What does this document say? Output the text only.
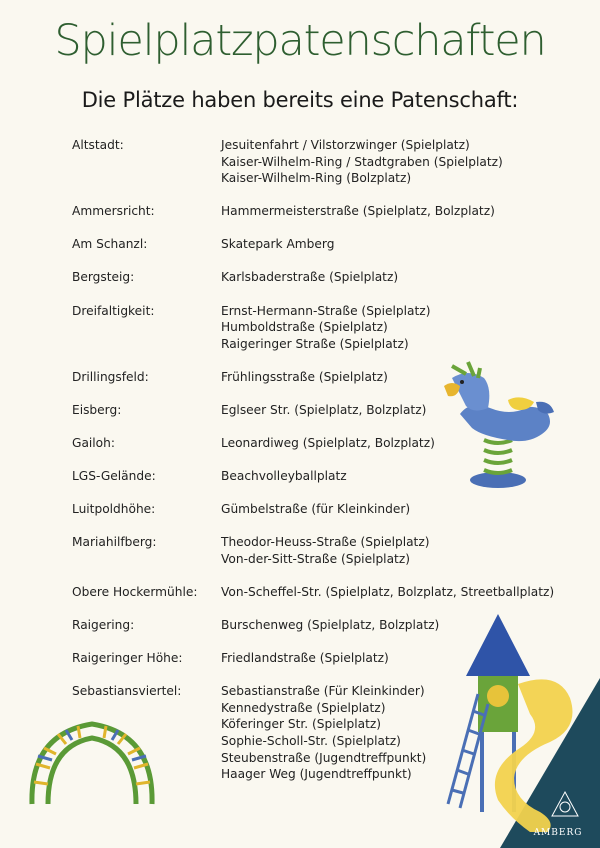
Spielplatzpatenschaften
Die Plätze haben bereits eine Patenschaft:
Altstadt:	Jesuitenfahrt / Vilstorzwinger (Spielplatz)
Kaiser-Wilhelm-Ring / Stadtgraben (Spielplatz)
Kaiser-Wilhelm-Ring (Bolzplatz)
Ammersricht:	Hammermeisterstraße (Spielplatz, Bolzplatz)
Am Schanzl:	Skatepark Amberg
Bergsteig:	Karlsbaderstraße (Spielplatz)
Dreifaltigkeit:	Ernst-Hermann-Straße (Spielplatz)
Humboldstraße (Spielplatz)
Raigeringer Straße (Spielplatz)
Drillingsfeld:	Frühlingsstraße (Spielplatz)
Eisberg:	Eglseer Str. (Spielplatz, Bolzplatz)
Gailoh:	Leonardiweg (Spielplatz, Bolzplatz)
LGS-Gelände:	Beachvolleyballplatz
Luitpoldhöhe:	Gümbelstraße (für Kleinkinder)
Mariahilfberg:	Theodor-Heuss-Straße (Spielplatz)
Von-der-Sitt-Straße (Spielplatz)
Obere Hockermühle:	Von-Scheffel-Str. (Spielplatz, Bolzplatz, Streetballplatz)
Raigering:	Burschenweg (Spielplatz, Bolzplatz)
Raigeringer Höhe:	Friedlandstraße (Spielplatz)
Sebastiansviertel:	Sebastianstraße (Für Kleinkinder)
Kennedystraße (Spielplatz)
Köferinger Str. (Spielplatz)
Sophie-Scholl-Str. (Spielplatz)
Steubenstraße (Jugendtreffpunkt)
Haager Weg (Jugendtreffpunkt)
AMBERG
